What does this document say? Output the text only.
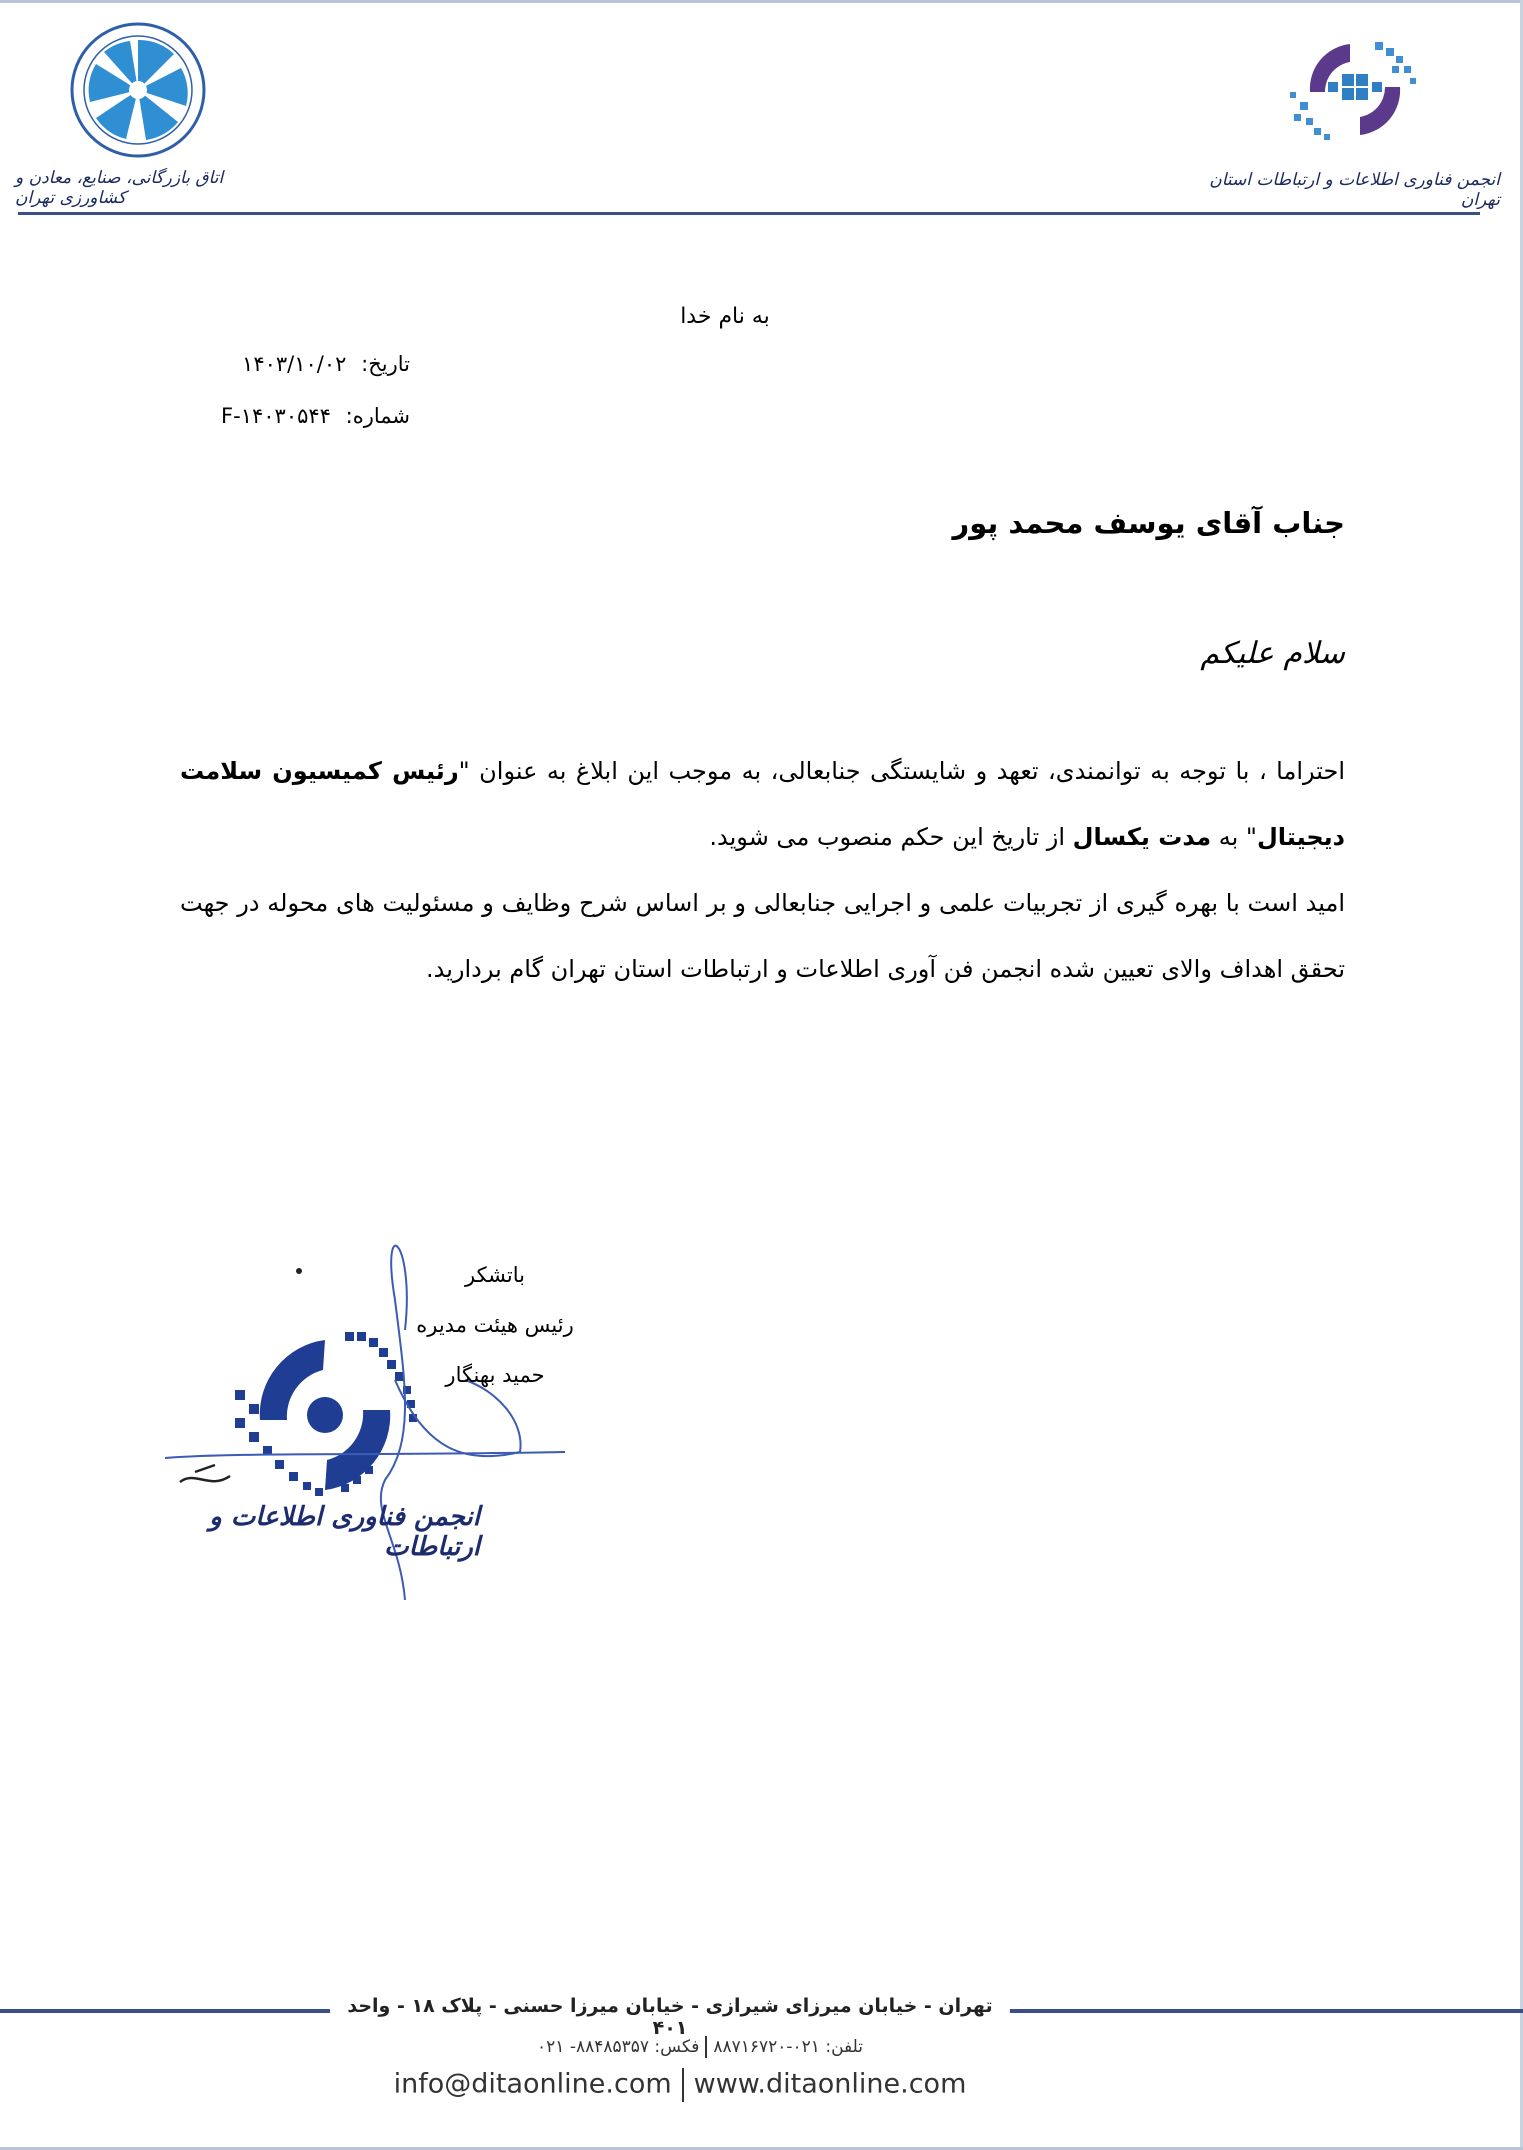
انجمن فناوری اطلاعات و ارتباطات استان تهران
اتاق بازرگانی، صنایع، معادن و کشاورزی تهران
به نام خدا
تاریخ: ۱۴۰۳/۱۰/۰۲
شماره: F-۱۴۰۳۰۵۴۴
جناب آقای یوسف محمد پور
سلام علیکم

احتراما ، با توجه به توانمندی، تعهد و شایستگی جنابعالی، به موجب این ابلاغ به عنوان "رئیس کمیسیون سلامت دیجیتال" به مدت یکسال از تاریخ این حکم منصوب می شوید.

امید است با بهره گیری از تجربیات علمی و اجرایی جنابعالی و بر اساس شرح وظایف و مسئولیت های محوله در جهت تحقق اهداف والای تعیین شده انجمن فن آوری اطلاعات و ارتباطات استان تهران گام بردارید.

انجمن فناوری اطلاعات و ارتباطات
باتشکر
رئیس هیئت مدیره
حمید بهنگار
تهران - خیابان میرزای شیرازی - خیابان میرزا حسنی - پلاک ۱۸ - واحد ۴۰۱
تلفن: ۰۲۱-۸۸۷۱۶۷۲۰فکس: ۸۸۴۸۵۳۵۷- ۰۲۱
info@ditaonline.com www.ditaonline.com
